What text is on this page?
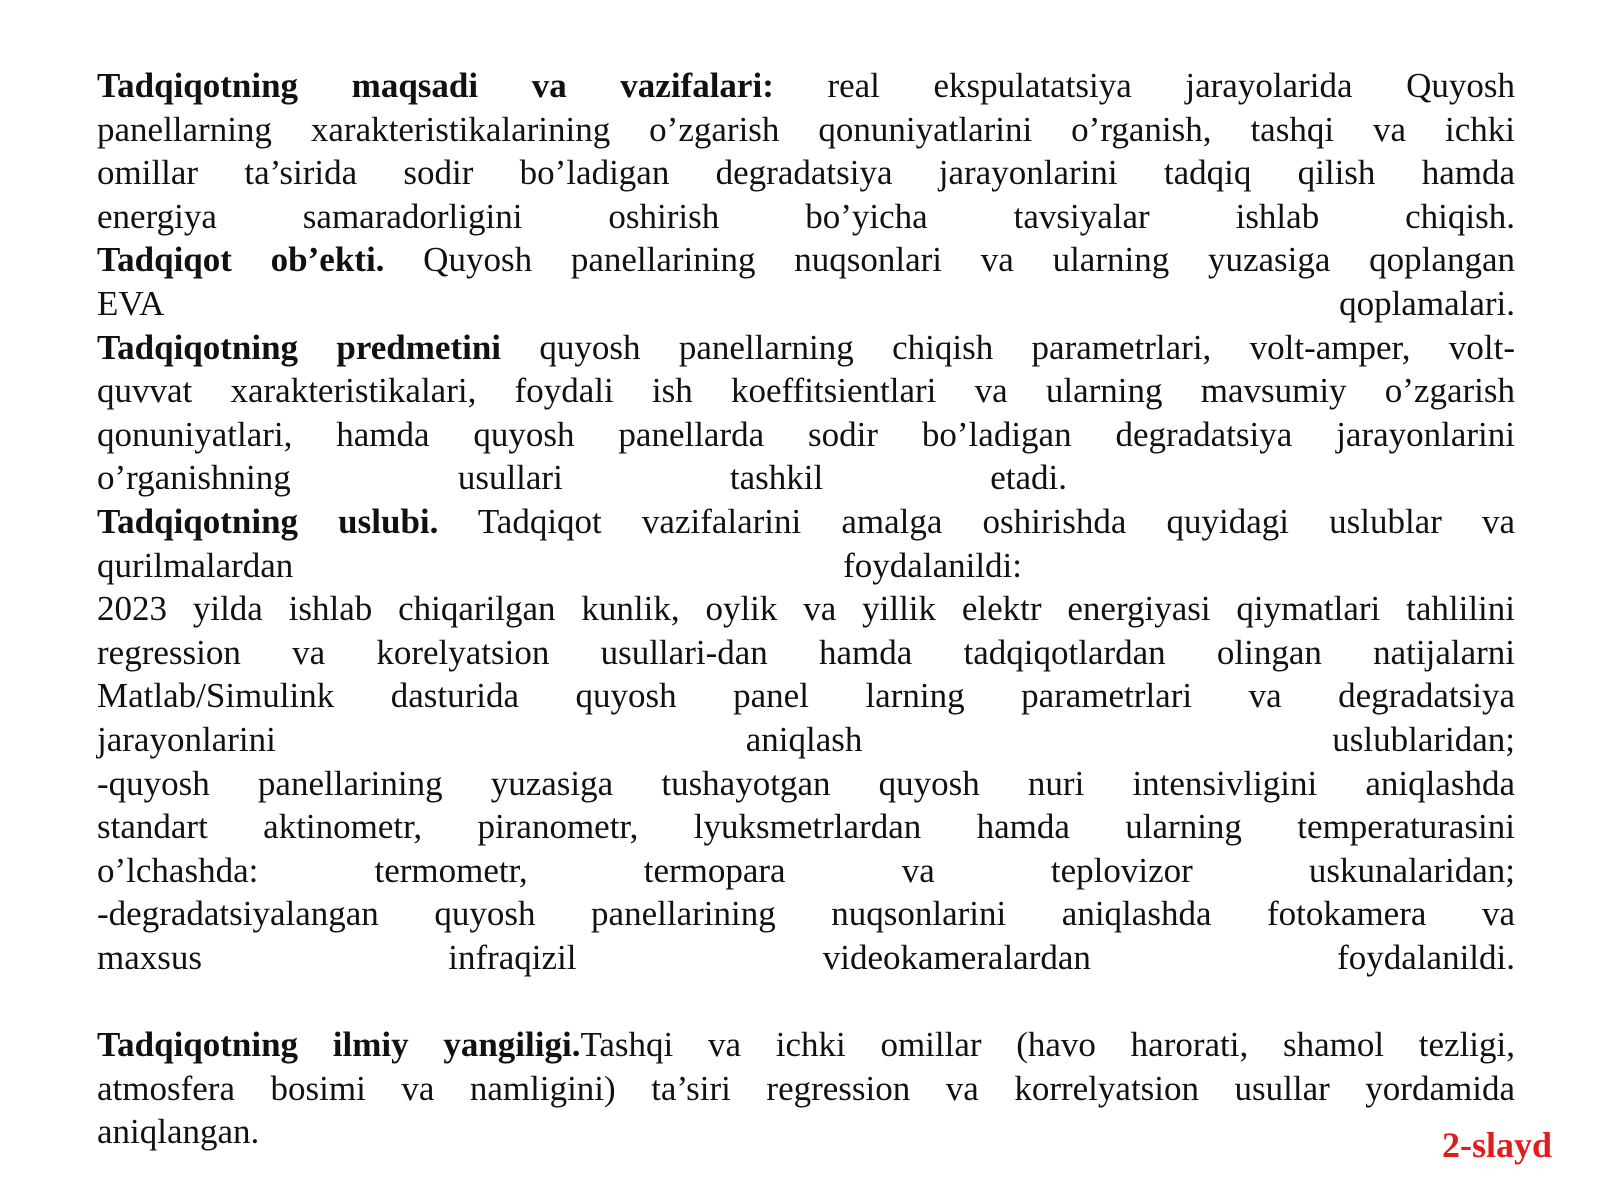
Tadqiqotning maqsadi va vazifalari: real ekspulatatsiya jarayolarida Quyosh
panellarning xarakteristikalarining o’zgarish qonuniyatlarini o’rganish, tashqi va ichki
omillar ta’sirida sodir bo’ladigan degradatsiya jarayonlarini tadqiq qilish hamda
energiya samaradorligini oshirish bo’yicha tavsiyalar ishlab chiqish.
Tadqiqot ob’ekti. Quyosh panellarining nuqsonlari va ularning yuzasiga qoplangan
EVA qoplamalari.
Tadqiqotning predmetini quyosh panellarning chiqish parametrlari, volt-amper, volt-
quvvat xarakteristikalari, foydali ish koeffitsientlari va ularning mavsumiy o’zgarish
qonuniyatlari, hamda quyosh panellarda sodir bo’ladigan degradatsiya jarayonlarini
o’rganishning usullari tashkil etadi.
Tadqiqotning uslubi. Tadqiqot vazifalarini amalga oshirishda quyidagi uslublar va
qurilmalardan foydalanildi:
2023 yilda ishlab chiqarilgan kunlik, oylik va yillik elektr energiyasi qiymatlari tahlilini
regression va korelyatsion usullari-dan hamda tadqiqotlardan olingan natijalarni
Matlab/Simulink dasturida quyosh panel larning parametrlari va degradatsiya
jarayonlarini aniqlash uslublaridan;
-quyosh panellarining yuzasiga tushayotgan quyosh nuri intensivligini aniqlashda
standart aktinometr, piranometr, lyuksmetrlardan hamda ularning temperaturasini
o’lchashda: termometr, termopara va teplovizor uskunalaridan;
-degradatsiyalangan quyosh panellarining nuqsonlarini aniqlashda fotokamera va
maxsus infraqizil videokameralardan foydalanildi.
Tadqiqotning ilmiy yangiligi.Tashqi va ichki omillar (havo harorati, shamol tezligi,
atmosfera bosimi va namligini) ta’siri regression va korrelyatsion usullar yordamida
aniqlangan.	2-slayd
